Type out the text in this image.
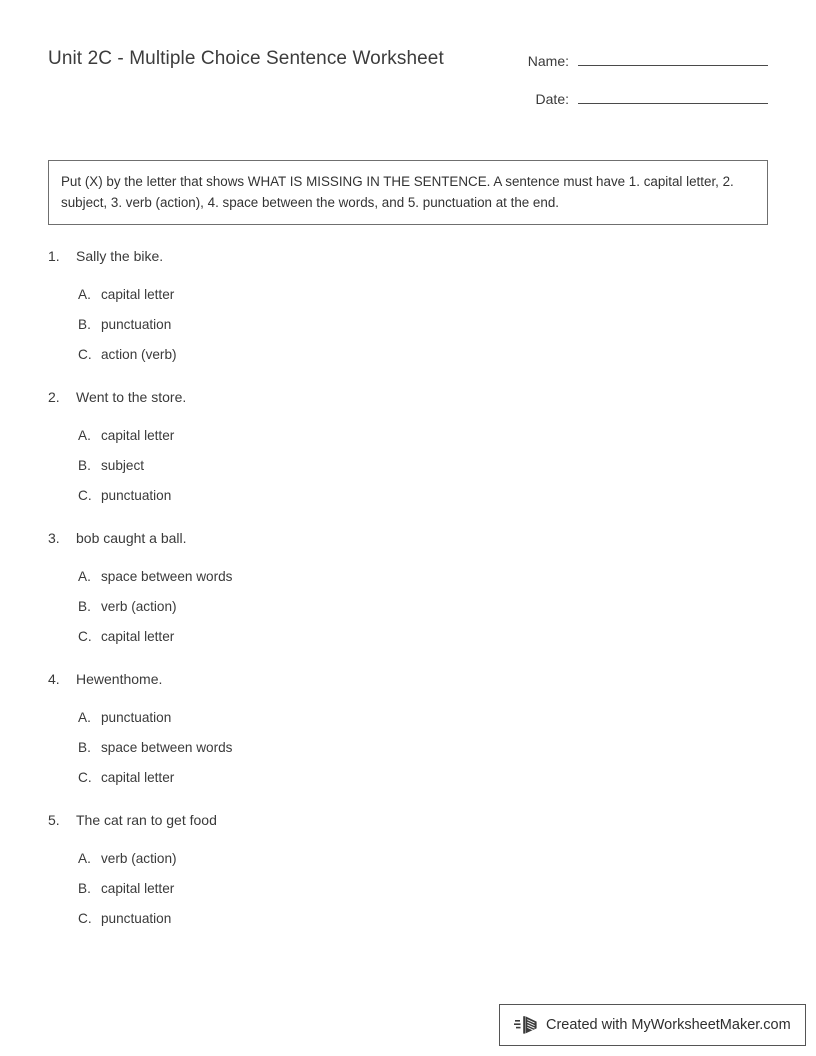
Unit 2C - Multiple Choice Sentence Worksheet	Name:
Date:
Put (X) by the letter that shows WHAT IS MISSING IN THE SENTENCE. A sentence must have 1. capital letter, 2. subject, 3. verb (action), 4. space between the words, and 5. punctuation at the end.
1.	Sally the bike.
A. capital letter
B. punctuation
C. action (verb)
2.	Went to the store.
A. capital letter
B. subject
C. punctuation
3.	bob caught a ball.
A. space between words
B. verb (action)
C. capital letter
4.	Hewenthome.
A. punctuation
B. space between words
C. capital letter
5.	The cat ran to get food
A. verb (action)
B. capital letter
C. punctuation
Created with MyWorksheetMaker.com
